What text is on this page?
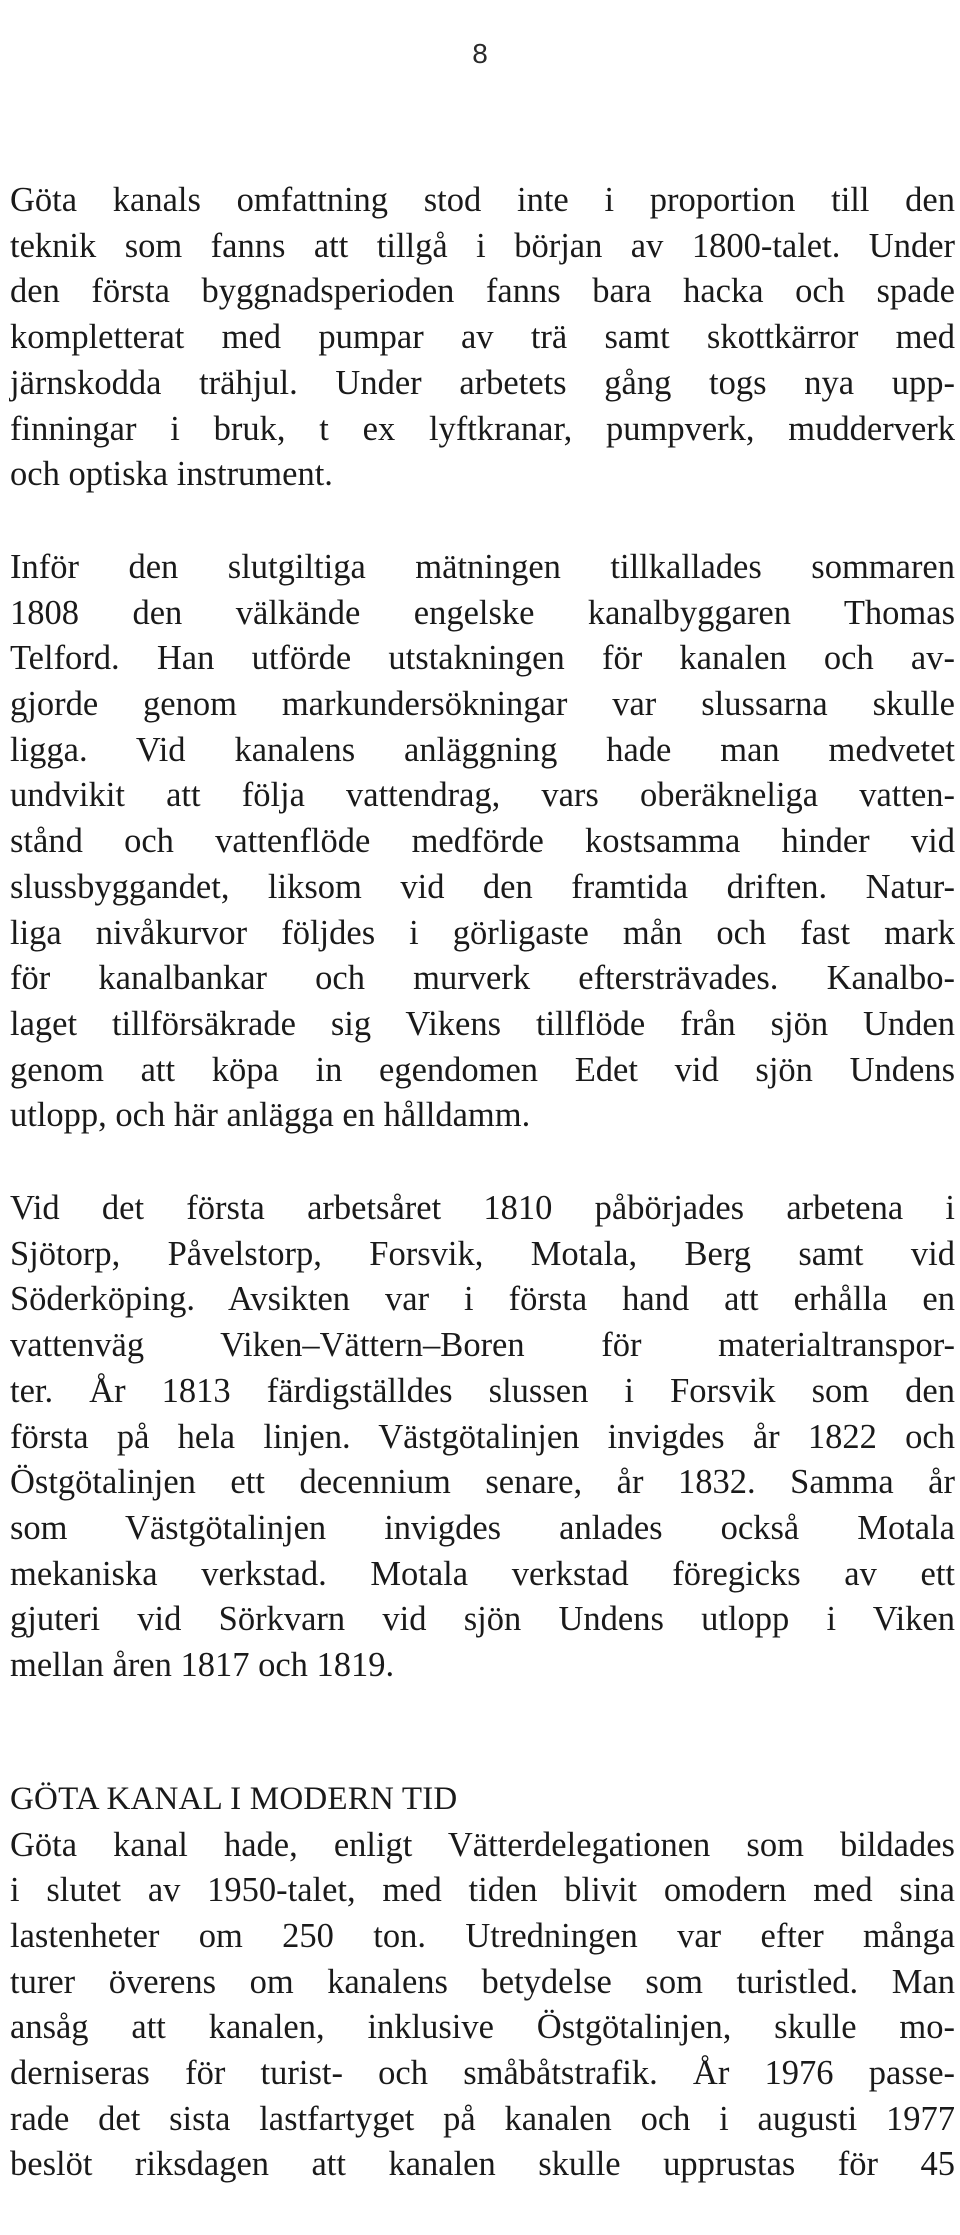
8

Göta kanals omfattning stod inte i proportion till den
teknik som fanns att tillgå i början av 1800-talet. Under
den första byggnadsperioden fanns bara hacka och spade
kompletterat med pumpar av trä samt skottkärror med
järnskodda trähjul. Under arbetets gång togs nya upp-
finningar i bruk, t ex lyftkranar, pumpverk, mudderverk
och optiska instrument.

Inför den slutgiltiga mätningen tillkallades sommaren
1808 den välkände engelske kanalbyggaren Thomas
Telford. Han utförde utstakningen för kanalen och av-
gjorde genom markundersökningar var slussarna skulle
ligga. Vid kanalens anläggning hade man medvetet
undvikit att följa vattendrag, vars oberäkneliga vatten-
stånd och vattenflöde medförde kostsamma hinder vid
slussbyggandet, liksom vid den framtida driften. Natur-
liga nivåkurvor följdes i görligaste mån och fast mark
för kanalbankar och murverk eftersträvades. Kanalbo-
laget tillförsäkrade sig Vikens tillflöde från sjön Unden
genom att köpa in egendomen Edet vid sjön Undens
utlopp, och här anlägga en hålldamm.

Vid det första arbetsåret 1810 påbörjades arbetena i
Sjötorp, Påvelstorp, Forsvik, Motala, Berg samt vid
Söderköping. Avsikten var i första hand att erhålla en
vattenväg Viken–Vättern–Boren för materialtranspor-
ter. År 1813 färdigställdes slussen i Forsvik som den
första på hela linjen. Västgötalinjen invigdes år 1822 och
Östgötalinjen ett decennium senare, år 1832. Samma år
som Västgötalinjen invigdes anlades också Motala
mekaniska verkstad. Motala verkstad föregicks av ett
gjuteri vid Sörkvarn vid sjön Undens utlopp i Viken
mellan åren 1817 och 1819.

GÖTA KANAL I MODERN TID

Göta kanal hade, enligt Vätterdelegationen som bildades
i slutet av 1950-talet, med tiden blivit omodern med sina
lastenheter om 250 ton. Utredningen var efter många
turer överens om kanalens betydelse som turistled. Man
ansåg att kanalen, inklusive Östgötalinjen, skulle mo-
derniseras för turist- och småbåtstrafik. År 1976 passe-
rade det sista lastfartyget på kanalen och i augusti 1977
beslöt riksdagen att kanalen skulle upprustas för 45
